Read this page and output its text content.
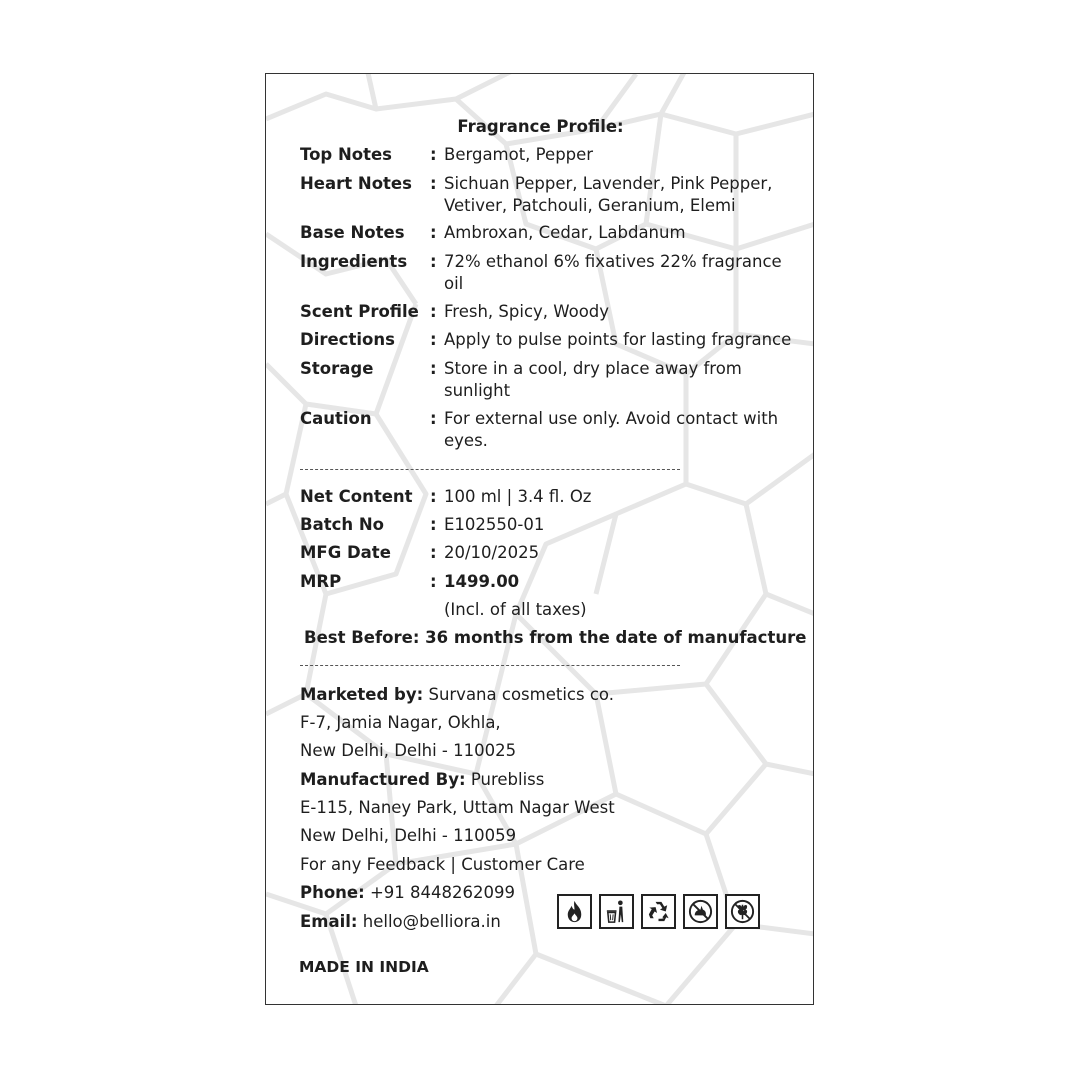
Fragrance Profile:
Top Notes : Bergamot, Pepper
Heart Notes : Sichuan Pepper, Lavender, Pink Pepper, Vetiver, Patchouli, Geranium, Elemi
Base Notes : Ambroxan, Cedar, Labdanum
Ingredients : 72% ethanol 6% fixatives 22% fragrance oil
Scent Profile : Fresh, Spicy, Woody
Directions : Apply to pulse points for lasting fragrance
Storage	: Store in a cool, dry place away from sunlight
Caution	: For external use only. Avoid contact with eyes.
Net Content : 100 ml | 3.4 fl. Oz
Batch No	: E102550-01
MFG Date : 20/10/2025
MRP	: 1499.00
(Incl. of all taxes)
Best Before: 36 months from the date of manufacture
Marketed by: Survana cosmetics co.
F-7, Jamia Nagar, Okhla,
New Delhi, Delhi - 110025
Manufactured By: Purebliss
E-115, Naney Park, Uttam Nagar West
New Delhi, Delhi - 110059
For any Feedback | Customer Care
Phone: +91 8448262099
Email: hello@belliora.in
MADE IN INDIA
